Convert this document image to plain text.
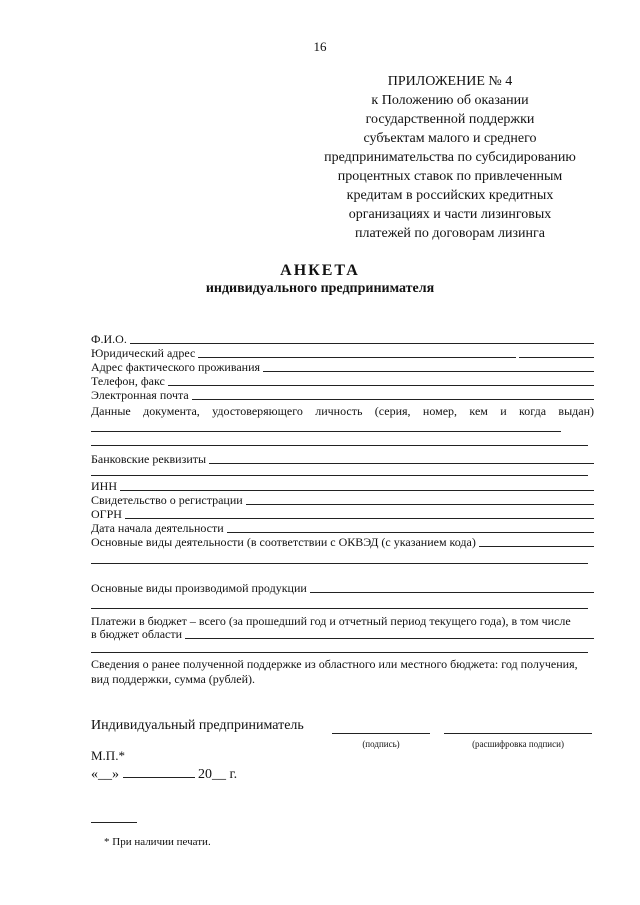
16
ПРИЛОЖЕНИЕ № 4
к Положению об оказании
государственной поддержки
субъектам малого и среднего
предпринимательства по субсидированию
процентных ставок по привлеченным
кредитам в российских кредитных
организациях и части лизинговых
платежей по договорам лизинга
АНКЕТА
индивидуального предпринимателя
Ф.И.О.
Юридический адрес
Адрес фактического проживания
Телефон, факс
Электронная почта
Данные документа, удостоверяющего личность (серия, номер, кем и когда выдан)
Банковские реквизиты
ИНН
Свидетельство о регистрации
ОГРН
Дата начала деятельности
Основные виды деятельности (в соответствии с ОКВЭД (с указанием кода)
Основные виды производимой продукции
Платежи в бюджет – всего (за прошедший год и отчетный период текущего года), в том числе
в бюджет области
Сведения о ранее полученной поддержке из областного или местного бюджета: год получения,
вид поддержки, сумма (рублей).
Индивидуальный предприниматель
(подпись)	(расшифровка подписи)
М.П.*
«__»	20__ г.
* При наличии печати.
